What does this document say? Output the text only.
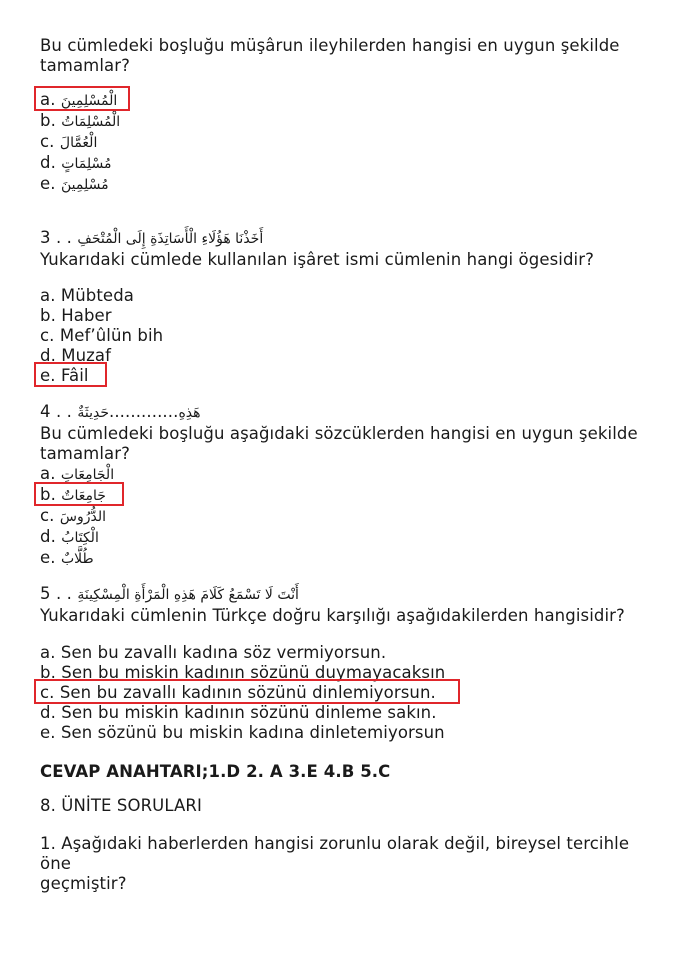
Bu cümledeki boşluğu müşârun ileyhilerden hangisi en uygun şekilde
tamamlar?
a. الْمُسْلِمِينَ
b. الْمُسْلِمَاتُ
c. الْعُمَّالَ
d. مُسْلِمَاتٍ
e. مُسْلِمِينَ
3 . . أَخَذْنَا هَؤُلَاءِ الْأَسَاتِذَةِ إِلَى الْمُتْحَفِ
Yukarıdaki cümlede kullanılan işâret ismi cümlenin hangi ögesidir?
a. Mübteda
b. Haber
c. Mef’ûlün bih
d. Muzaf
e. Fâil
4 . . حَدِيثَةٌ.............هَذِهِ
Bu cümledeki boşluğu aşağıdaki sözcüklerden hangisi en uygun şekilde
tamamlar?
a. الْجَامِعَاتِ
b. جَامِعَاتٌ
c. الدُّرُوسَ
d. الْكِتَابُ
e. طُلَّابٌ
5 . . أَنْتَ لَا تَسْمَعُ كَلَامَ هَذِهِ الْمَرْأَةِ الْمِسْكِينَةِ
Yukarıdaki cümlenin Türkçe doğru karşılığı aşağıdakilerden hangisidir?
a. Sen bu zavallı kadına söz vermiyorsun.
b. Sen bu miskin kadının sözünü duymayacaksın
c. Sen bu zavallı kadının sözünü dinlemiyorsun.
d. Sen bu miskin kadının sözünü dinleme sakın.
e. Sen sözünü bu miskin kadına dinletemiyorsun
CEVAP ANAHTARI;1.D 2. A 3.E 4.B 5.C
8. ÜNİTE SORULARI
1. Aşağıdaki haberlerden hangisi zorunlu olarak değil, bireysel tercihle
öne
geçmiştir?
